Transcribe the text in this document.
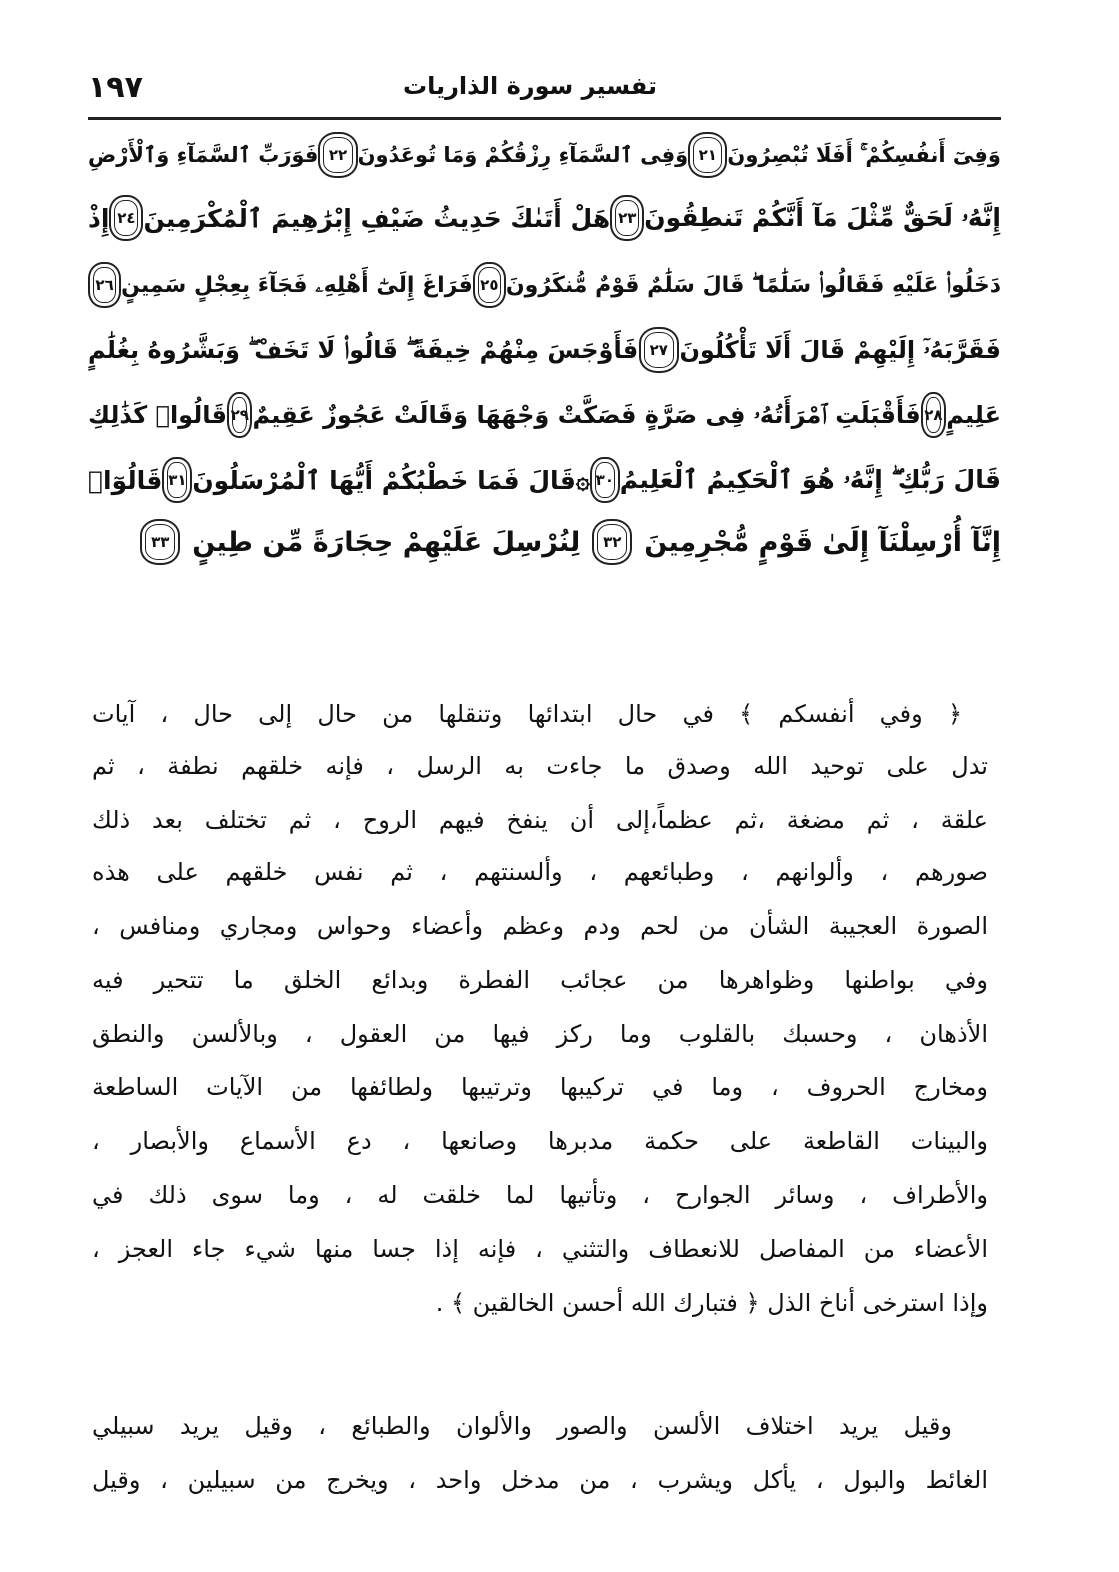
١٩٧	تفسير سورة الذاريات
وَفِىٓ أَنفُسِكُمْ ۚ أَفَلَا تُبْصِرُونَ
٢١
وَفِى ٱلسَّمَآءِ رِزْقُكُمْ وَمَا تُوعَدُونَ
٢٢
فَوَرَبِّ ٱلسَّمَآءِ وَٱلْأَرْضِ
إِنَّهُۥ لَحَقٌّ مِّثْلَ مَآ أَنَّكُمْ تَنطِقُونَ
٢٣
هَلْ أَتَىٰكَ حَدِيثُ ضَيْفِ إِبْرَٰهِيمَ ٱلْمُكْرَمِينَ
٢٤
إِذْ
دَخَلُوا۟ عَلَيْهِ فَقَالُوا۟ سَلَٰمًا ۖ قَالَ سَلَٰمٌ قَوْمٌ مُّنكَرُونَ
٢٥
فَرَاغَ إِلَىٰٓ أَهْلِهِۦ فَجَآءَ بِعِجْلٍ سَمِينٍ
٢٦
فَقَرَّبَهُۥٓ إِلَيْهِمْ قَالَ أَلَا تَأْكُلُونَ
٢٧
فَأَوْجَسَ مِنْهُمْ خِيفَةً ۖ قَالُوا۟ لَا تَخَفْ ۖ وَبَشَّرُوهُ بِغُلَٰمٍ
عَلِيمٍ
٢٨
فَأَقْبَلَتِ ٱمْرَأَتُهُۥ فِى صَرَّةٍ فَصَكَّتْ وَجْهَهَا وَقَالَتْ عَجُوزٌ عَقِيمٌ
٢٩
قَالُوا۟ كَذَٰلِكِ
قَالَ رَبُّكِ ۖ إِنَّهُۥ هُوَ ٱلْحَكِيمُ ٱلْعَلِيمُ
٣٠
۞
قَالَ فَمَا خَطْبُكُمْ أَيُّهَا ٱلْمُرْسَلُونَ
٣١
قَالُوٓا۟
إِنَّآ أُرْسِلْنَآ إِلَىٰ قَوْمٍ مُّجْرِمِينَ
٣٢
لِنُرْسِلَ عَلَيْهِمْ حِجَارَةً مِّن طِينٍ
٣٣
﴿ وفي أنفسكم ﴾ في حال ابتدائها وتنقلها من حال إلى حال ، آيات
تدل على توحيد الله وصدق ما جاءت به الرسل ، فإنه خلقهم نطفة ، ثم
علقة ، ثم مضغة ،ثم عظماً،إلى أن ينفخ فيهم الروح ، ثم تختلف بعد ذلك
صورهم ، وألوانهم ، وطبائعهم ، وألسنتهم ، ثم نفس خلقهم على هذه
الصورة العجيبة الشأن من لحم ودم وعظم وأعضاء وحواس ومجاري ومنافس ،
وفي بواطنها وظواهرها من عجائب الفطرة وبدائع الخلق ما تتحير فيه
الأذهان ، وحسبك بالقلوب وما ركز فيها من العقول ، وبالألسن والنطق
ومخارج الحروف ، وما في تركيبها وترتيبها ولطائفها من الآيات الساطعة
والبينات القاطعة على حكمة مدبرها وصانعها ، دع الأسماع والأبصار ،
والأطراف ، وسائر الجوارح ، وتأتيها لما خلقت له ، وما سوى ذلك في
الأعضاء من المفاصل للانعطاف والتثني ، فإنه إذا جسا منها شيء جاء العجز ،
وإذا استرخى أناخ الذل ﴿ فتبارك الله أحسن الخالقين ﴾ .
وقيل يريد اختلاف الألسن والصور والألوان والطبائع ، وقيل يريد سبيلي
الغائط والبول ، يأكل ويشرب ، من مدخل واحد ، ويخرج من سبيلين ، وقيل
